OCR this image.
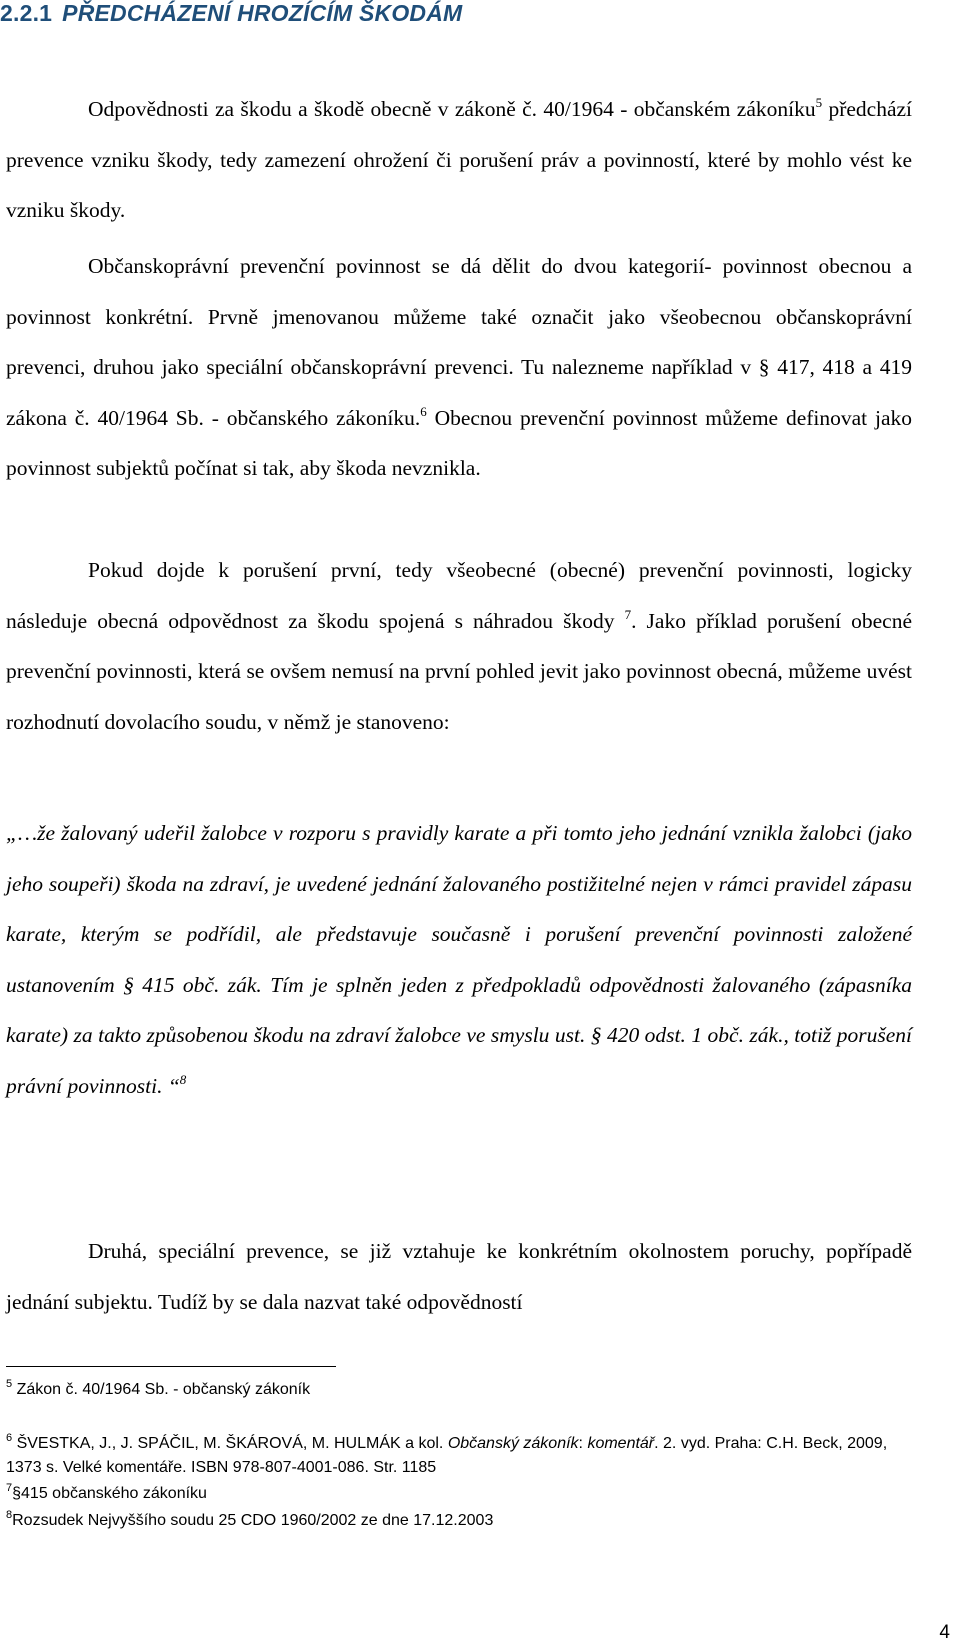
2.2.1 PŘEDCHÁZENÍ HROZÍCÍM ŠKODÁM

Odpovědnosti za škodu a škodě obecně v zákoně č. 40/1964 - občanském zákoníku$^5$ předchází prevence vzniku škody, tedy zamezení ohrožení či porušení práv a povinností, které by mohlo vést ke vzniku škody.

Občanskoprávní prevenční povinnost se dá dělit do dvou kategorií- povinnost obecnou a povinnost konkrétní. Prvně jmenovanou můžeme také označit jako všeobecnou občanskoprávní prevenci, druhou jako speciální občanskoprávní prevenci. Tu nalezneme například v § 417, 418 a 419 zákona č. 40/1964 Sb. - občanského zákoníku.$^6$ Obecnou prevenční povinnost můžeme definovat jako povinnost subjektů počínat si tak, aby škoda nevznikla.

Pokud dojde k porušení první, tedy všeobecné (obecné) prevenční povinnosti, logicky následuje obecná odpovědnost za škodu spojená s náhradou škody $^7$. Jako příklad porušení obecné prevenční povinnosti, která se ovšem nemusí na první pohled jevit jako povinnost obecná, můžeme uvést rozhodnutí dovolacího soudu, v němž je stanoveno:

„…že žalovaný udeřil žalobce v rozporu s pravidly karate a při tomto jeho jednání vznikla žalobci (jako jeho soupeři) škoda na zdraví, je uvedené jednání žalovaného postižitelné nejen v rámci pravidel zápasu karate, kterým se podřídil, ale představuje současně i porušení prevenční povinnosti založené ustanovením § 415 obč. zák. Tím je splněn jeden z předpokladů odpovědnosti žalovaného (zápasníka karate) za takto způsobenou škodu na zdraví žalobce ve smyslu ust. § 420 odst. 1 obč. zák., totiž porušení právní povinnosti. “$^8$

Druhá, speciální prevence, se již vztahuje ke konkrétním okolnostem poruchy, popřípadě jednání subjektu. Tudíž by se dala nazvat také odpovědností

$^5$ Zákon č. 40/1964 Sb. - občanský zákoník
$^6$ ŠVESTKA, J., J. SPÁČIL, M. ŠKÁROVÁ, M. HULMÁK a kol. Občanský zákoník: komentář. 2. vyd. Praha: C.H. Beck, 2009, 1373 s. Velké komentáře. ISBN 978-807-4001-086. Str. 1185
$^7$§415 občanského zákoníku
$^8$Rozsudek Nejvyššího soudu 25 CDO 1960/2002 ze dne 17.12.2003
4
